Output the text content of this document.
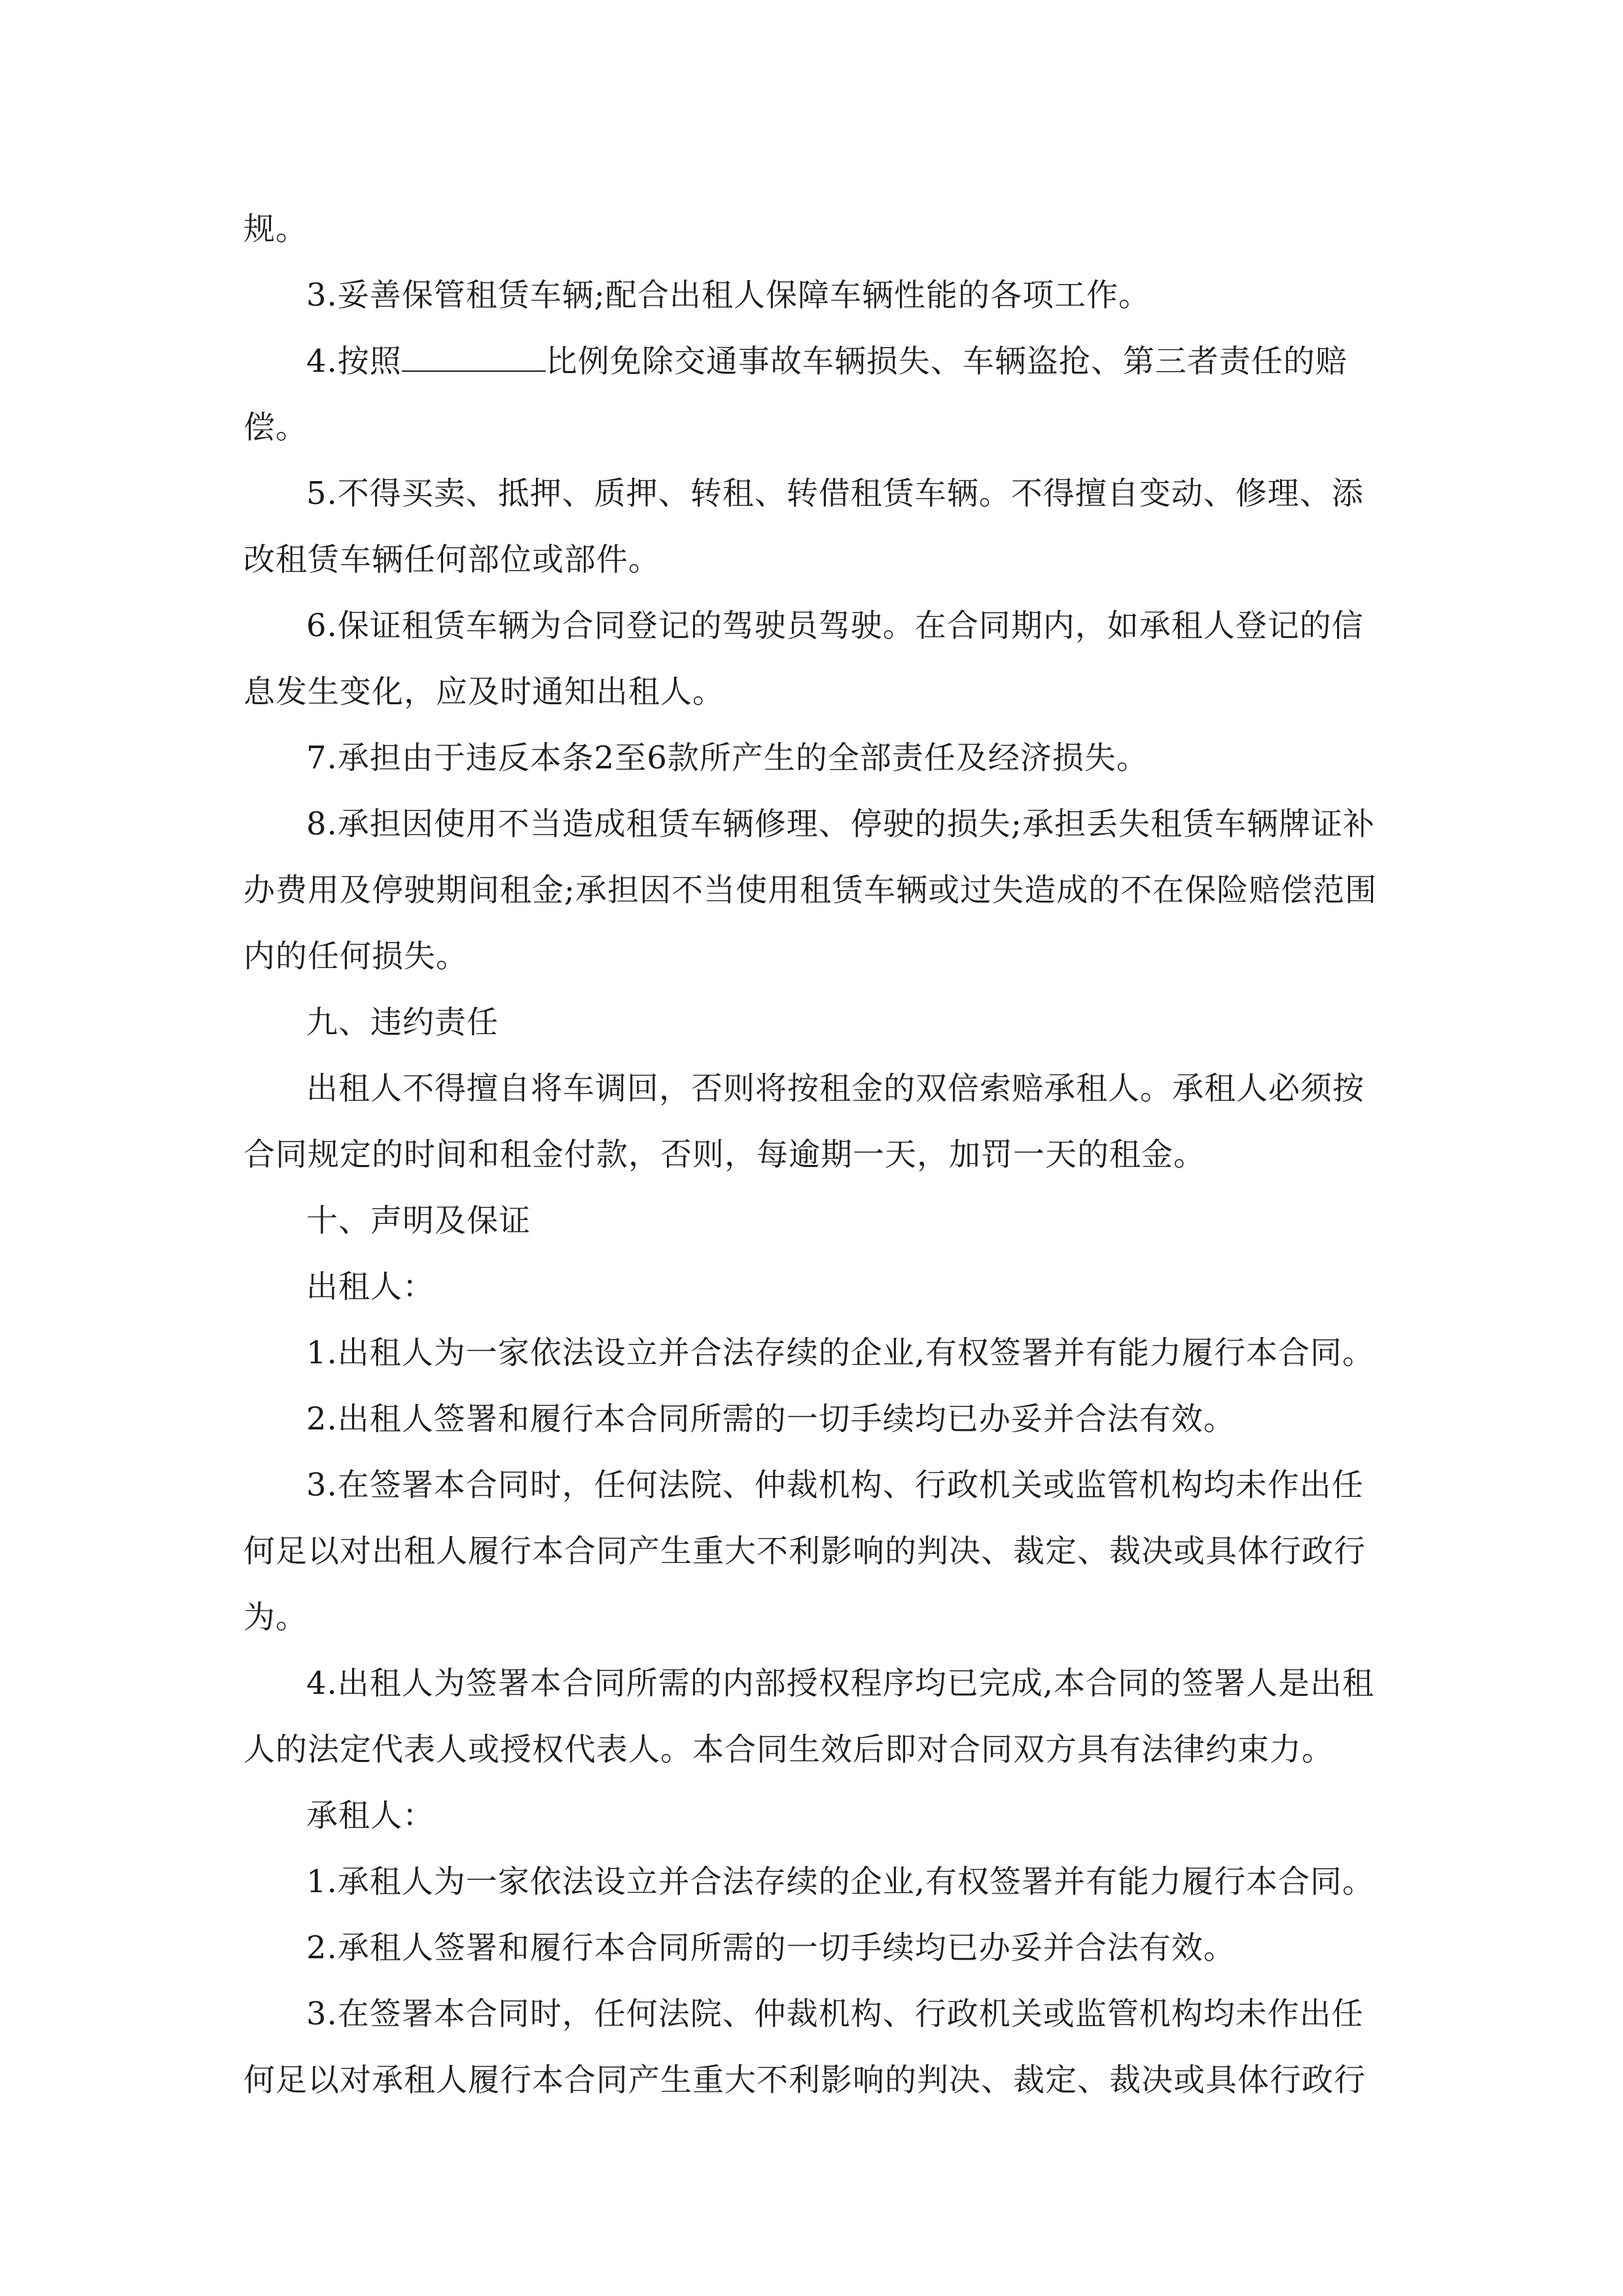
规。

3.妥善保管租赁车辆;配合出租人保障车辆性能的各项工作。

4.按照	比例免除交通事故车辆损失、车辆盗抢、第三者责任的赔偿。

5.不得买卖、抵押、质押、转租、转借租赁车辆。不得擅自变动、修理、添改租赁车辆任何部位或部件。

6.保证租赁车辆为合同登记的驾驶员驾驶。在合同期内，如承租人登记的信息发生变化，应及时通知出租人。

7.承担由于违反本条2至6款所产生的全部责任及经济损失。

8.承担因使用不当造成租赁车辆修理、停驶的损失;承担丢失租赁车辆牌证补办费用及停驶期间租金;承担因不当使用租赁车辆或过失造成的不在保险赔偿范围内的任何损失。

九、违约责任

出租人不得擅自将车调回，否则将按租金的双倍索赔承租人。承租人必须按合同规定的时间和租金付款，否则，每逾期一天，加罚一天的租金。

十、声明及保证

出租人：

1.出租人为一家依法设立并合法存续的企业,有权签署并有能力履行本合同。

2.出租人签署和履行本合同所需的一切手续均已办妥并合法有效。

3.在签署本合同时，任何法院、仲裁机构、行政机关或监管机构均未作出任何足以对出租人履行本合同产生重大不利影响的判决、裁定、裁决或具体行政行为。

4.出租人为签署本合同所需的内部授权程序均已完成,本合同的签署人是出租人的法定代表人或授权代表人。本合同生效后即对合同双方具有法律约束力。

承租人：

1.承租人为一家依法设立并合法存续的企业,有权签署并有能力履行本合同。

2.承租人签署和履行本合同所需的一切手续均已办妥并合法有效。

3.在签署本合同时，任何法院、仲裁机构、行政机关或监管机构均未作出任何足以对承租人履行本合同产生重大不利影响的判决、裁定、裁决或具体行政行
